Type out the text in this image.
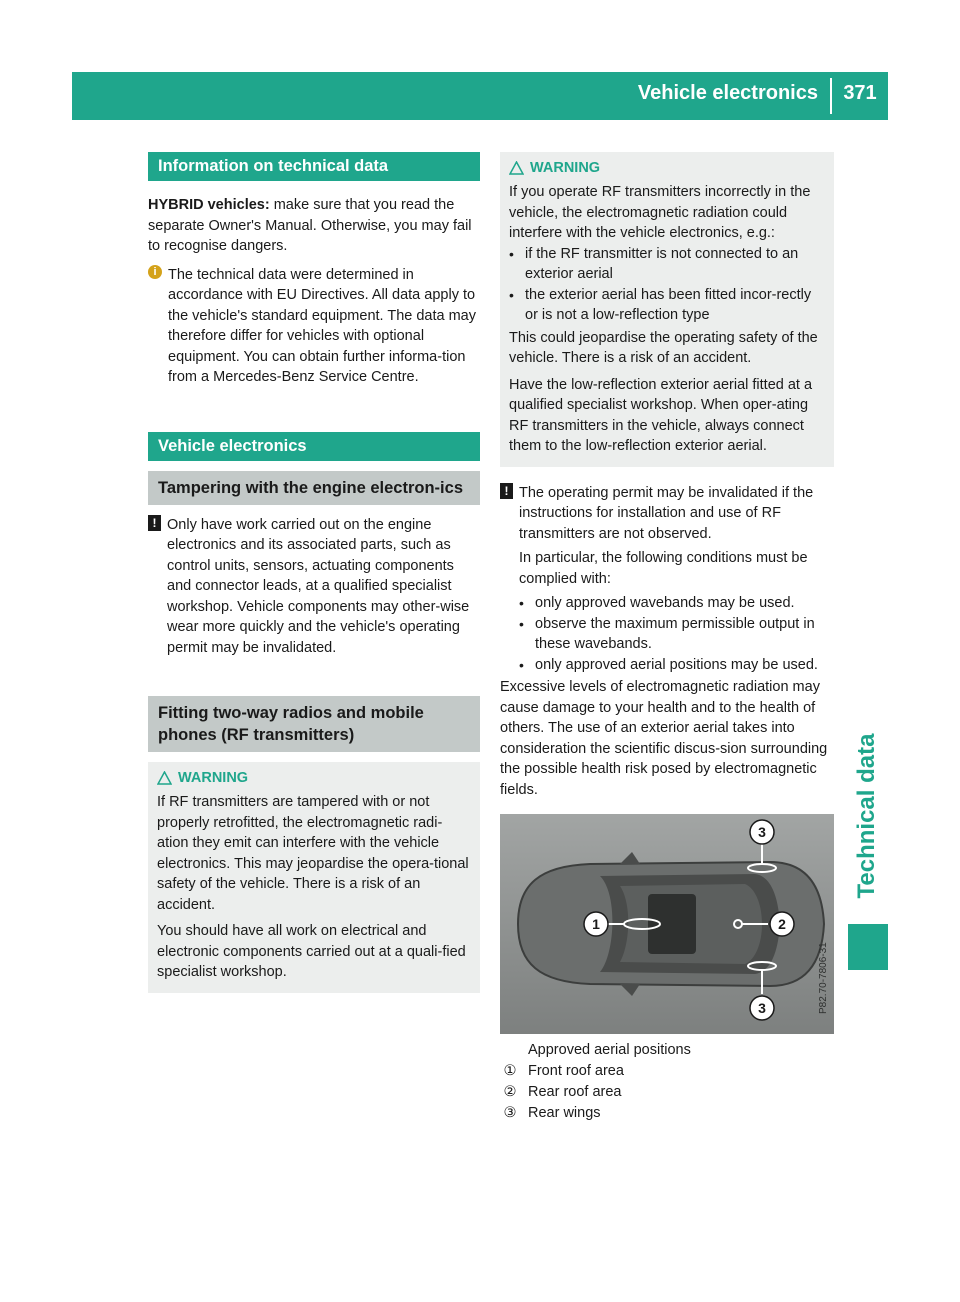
Vehicle electronics	371
Technical data
Information on technical data

HYBRID vehicles: make sure that you read the separate Owner's Manual. Otherwise, you may fail to recognise dangers.

i The technical data were determined in accordance with EU Directives. All data apply to the vehicle's standard equipment. The data may therefore differ for vehicles with optional equipment. You can obtain further informa-tion from a Mercedes-Benz Service Centre.

Vehicle electronics
Tampering with the engine electron-ics
! Only have work carried out on the engine electronics and its associated parts, such as control units, sensors, actuating components and connector leads, at a qualified specialist workshop. Vehicle components may other-wise wear more quickly and the vehicle's operating permit may be invalidated.

Fitting two-way radios and mobile phones (RF transmitters)
WARNING

If RF transmitters are tampered with or not properly retrofitted, the electromagnetic radi-ation they emit can interfere with the vehicle electronics. This may jeopardise the opera-tional safety of the vehicle. There is a risk of an accident.

You should have all work on electrical and electronic components carried out at a quali-fied specialist workshop.

WARNING

If you operate RF transmitters incorrectly in the vehicle, the electromagnetic radiation could interfere with the vehicle electronics, e.g.:

• if the RF transmitter is not connected to an exterior aerial
• the exterior aerial has been fitted incor-rectly or is not a low-reflection type

This could jeopardise the operating safety of the vehicle. There is a risk of an accident.

Have the low-reflection exterior aerial fitted at a qualified specialist workshop. When oper-ating RF transmitters in the vehicle, always connect them to the low-reflection exterior aerial.

! The operating permit may be invalidated if the instructions for installation and use of RF transmitters are not observed.

In particular, the following conditions must be complied with:

• only approved wavebands may be used.
• observe the maximum permissible output in these wavebands.
• only approved aerial positions may be used.

Excessive levels of electromagnetic radiation may cause damage to your health and to the health of others. The use of an exterior aerial takes into consideration the scientific discus-sion surrounding the possible health risk posed by electromagnetic fields.

1	2
3
3	P82.70-7806-31
Approved aerial positions
① Front roof area
② Rear roof area
③ Rear wings
